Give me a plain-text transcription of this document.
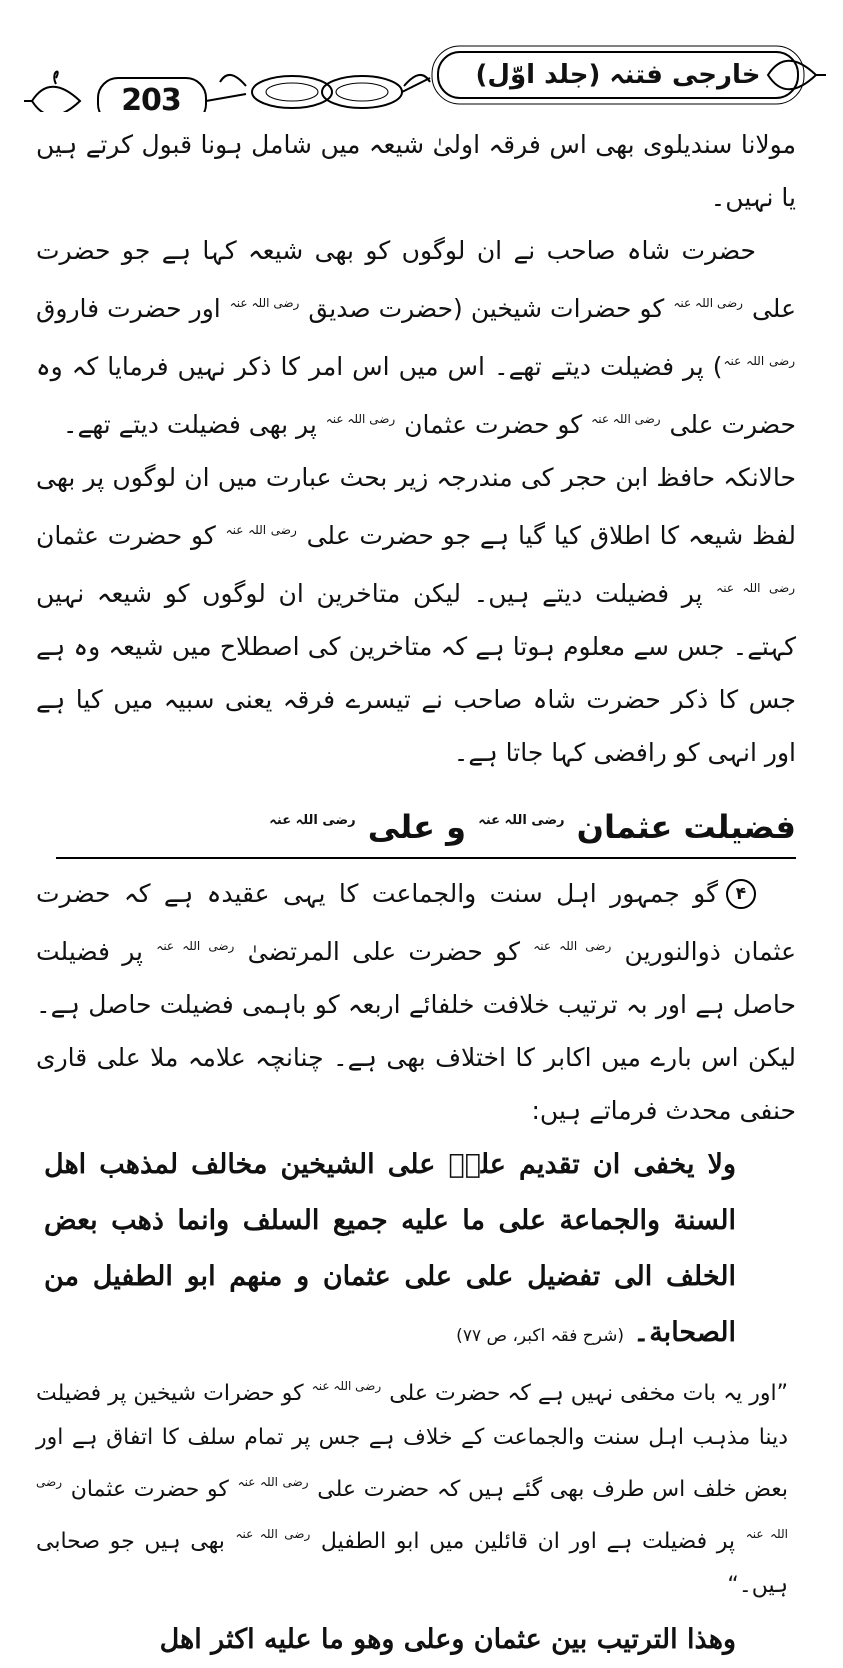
203
خارجی فتنہ (جلد اوّل)

مولانا سندیلوی بھی اس فرقہ اولیٰ شیعہ میں شامل ہونا قبول کرتے ہیں یا نہیں۔

حضرت شاہ صاحب نے ان لوگوں کو بھی شیعہ کہا ہے جو حضرت علی $^{رضی اللہ عنہ}$ کو حضرات شیخین (حضرت صدیق $^{رضی اللہ عنہ}$ اور حضرت فاروق $^{رضی اللہ عنہ}$) پر فضیلت دیتے تھے۔ اس میں اس امر کا ذکر نہیں فرمایا کہ وہ حضرت علی $^{رضی اللہ عنہ}$ کو حضرت عثمان $^{رضی اللہ عنہ}$ پر بھی فضیلت دیتے تھے۔

حالانکہ حافظ ابن حجر کی مندرجہ زیر بحث عبارت میں ان لوگوں پر بھی لفظ شیعہ کا اطلاق کیا گیا ہے جو حضرت علی $^{رضی اللہ عنہ}$ کو حضرت عثمان $^{رضی اللہ عنہ}$ پر فضیلت دیتے ہیں۔ لیکن متاخرین ان لوگوں کو شیعہ نہیں کہتے۔ جس سے معلوم ہوتا ہے کہ متاخرین کی اصطلاح میں شیعہ وہ ہے جس کا ذکر حضرت شاہ صاحب نے تیسرے فرقہ یعنی سبیہ میں کیا ہے اور انہی کو رافضی کہا جاتا ہے۔

فضیلت عثمان $^{رضی اللہ عنہ}$ و علی $^{رضی اللہ عنہ}$

۴گو جمہور اہل سنت والجماعت کا یہی عقیدہ ہے کہ حضرت عثمان ذوالنورین $^{رضی اللہ عنہ}$ کو حضرت علی المرتضیٰ $^{رضی اللہ عنہ}$ پر فضیلت حاصل ہے اور بہ ترتیب خلافت خلفائے اربعہ کو باہمی فضیلت حاصل ہے۔ لیکن اس بارے میں اکابر کا اختلاف بھی ہے۔ چنانچہ علامہ ملا علی قاری حنفی محدث فرماتے ہیں:

ولا يخفى ان تقديم عليؓ على الشيخين مخالف لمذهب اهل السنة والجماعة على ما عليه جميع السلف وانما ذهب بعض الخلف الى تفضيل على على عثمان و منهم ابو الطفيل من الصحابة۔ (شرح فقہ اکبر، ص ۷۷)

”اور یہ بات مخفی نہیں ہے کہ حضرت علی $^{رضی اللہ عنہ}$ کو حضرات شیخین پر فضیلت دینا مذہب اہل سنت والجماعت کے خلاف ہے جس پر تمام سلف کا اتفاق ہے اور بعض خلف اس طرف بھی گئے ہیں کہ حضرت علی $^{رضی اللہ عنہ}$ کو حضرت عثمان $^{رضی اللہ عنہ}$ پر فضیلت ہے اور ان قائلین میں ابو الطفیل $^{رضی اللہ عنہ}$ بھی ہیں جو صحابی ہیں۔“

وهذا الترتيب بين عثمان وعلى وهو ما عليه اكثر اهل
